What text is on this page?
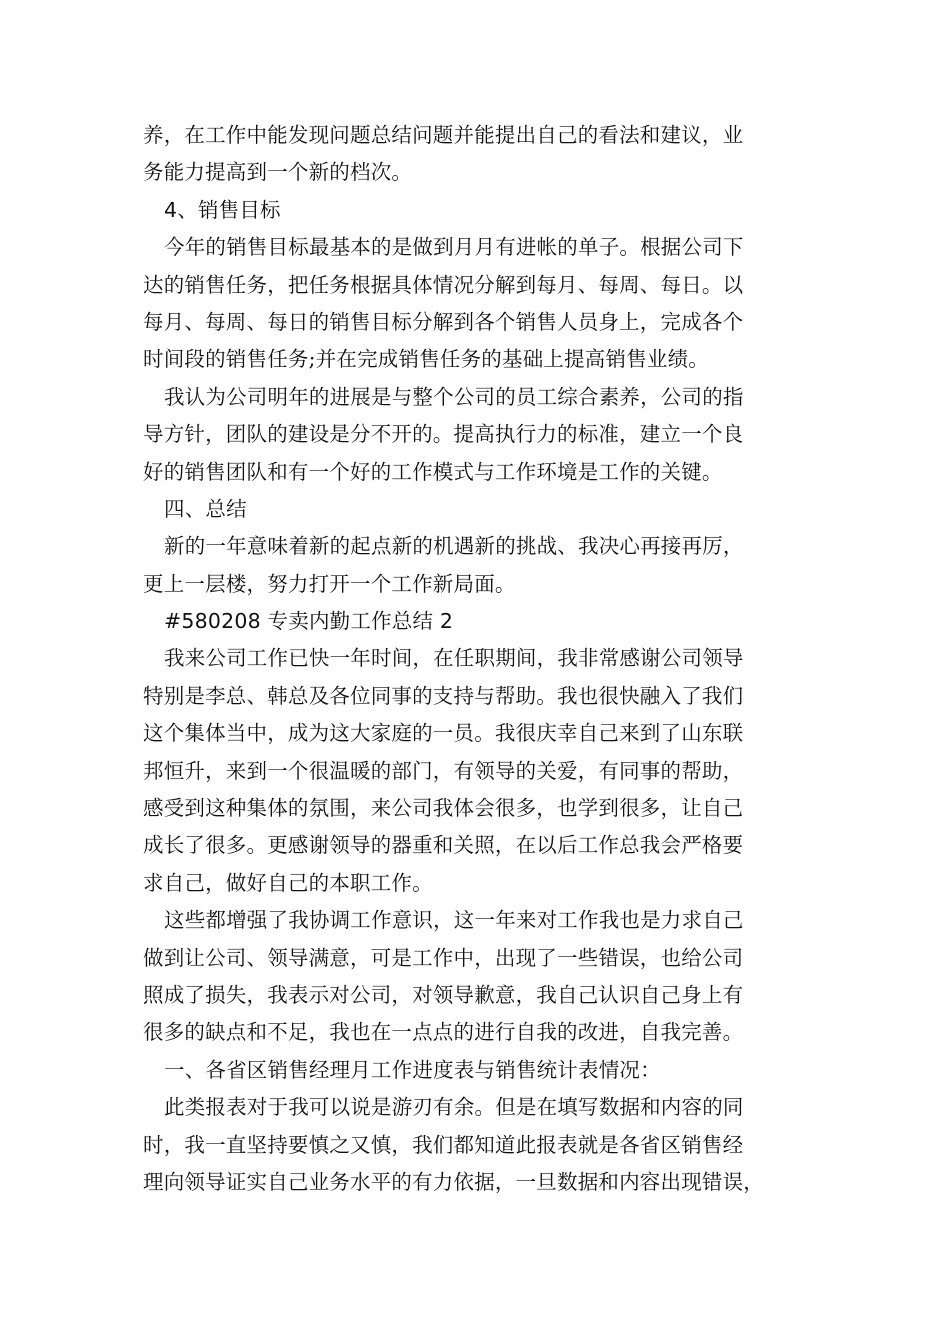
养，在工作中能发现问题总结问题并能提出自己的看法和建议，业
务能力提高到一个新的档次。
4、销售目标
今年的销售目标最基本的是做到月月有进帐的单子。根据公司下
达的销售任务，把任务根据具体情况分解到每月、每周、每日。以
每月、每周、每日的销售目标分解到各个销售人员身上，完成各个
时间段的销售任务;并在完成销售任务的基础上提高销售业绩。
我认为公司明年的进展是与整个公司的员工综合素养，公司的指
导方针，团队的建设是分不开的。提高执行力的标准，建立一个良
好的销售团队和有一个好的工作模式与工作环境是工作的关键。
四、总结
新的一年意味着新的起点新的机遇新的挑战、我决心再接再厉，
更上一层楼，努力打开一个工作新局面。
#580208 专卖内勤工作总结 2
我来公司工作已快一年时间，在任职期间，我非常感谢公司领导
特别是李总、韩总及各位同事的支持与帮助。我也很快融入了我们
这个集体当中，成为这大家庭的一员。我很庆幸自己来到了山东联
邦恒升，来到一个很温暖的部门，有领导的关爱，有同事的帮助，
感受到这种集体的氛围，来公司我体会很多，也学到很多，让自己
成长了很多。更感谢领导的器重和关照，在以后工作总我会严格要
求自己，做好自己的本职工作。
这些都增强了我协调工作意识，这一年来对工作我也是力求自己
做到让公司、领导满意，可是工作中，出现了一些错误，也给公司
照成了损失，我表示对公司，对领导歉意，我自己认识自己身上有
很多的缺点和不足，我也在一点点的进行自我的改进，自我完善。
一、各省区销售经理月工作进度表与销售统计表情况：
此类报表对于我可以说是游刃有余。但是在填写数据和内容的同
时，我一直坚持要慎之又慎，我们都知道此报表就是各省区销售经
理向领导证实自己业务水平的有力依据，一旦数据和内容出现错误，
